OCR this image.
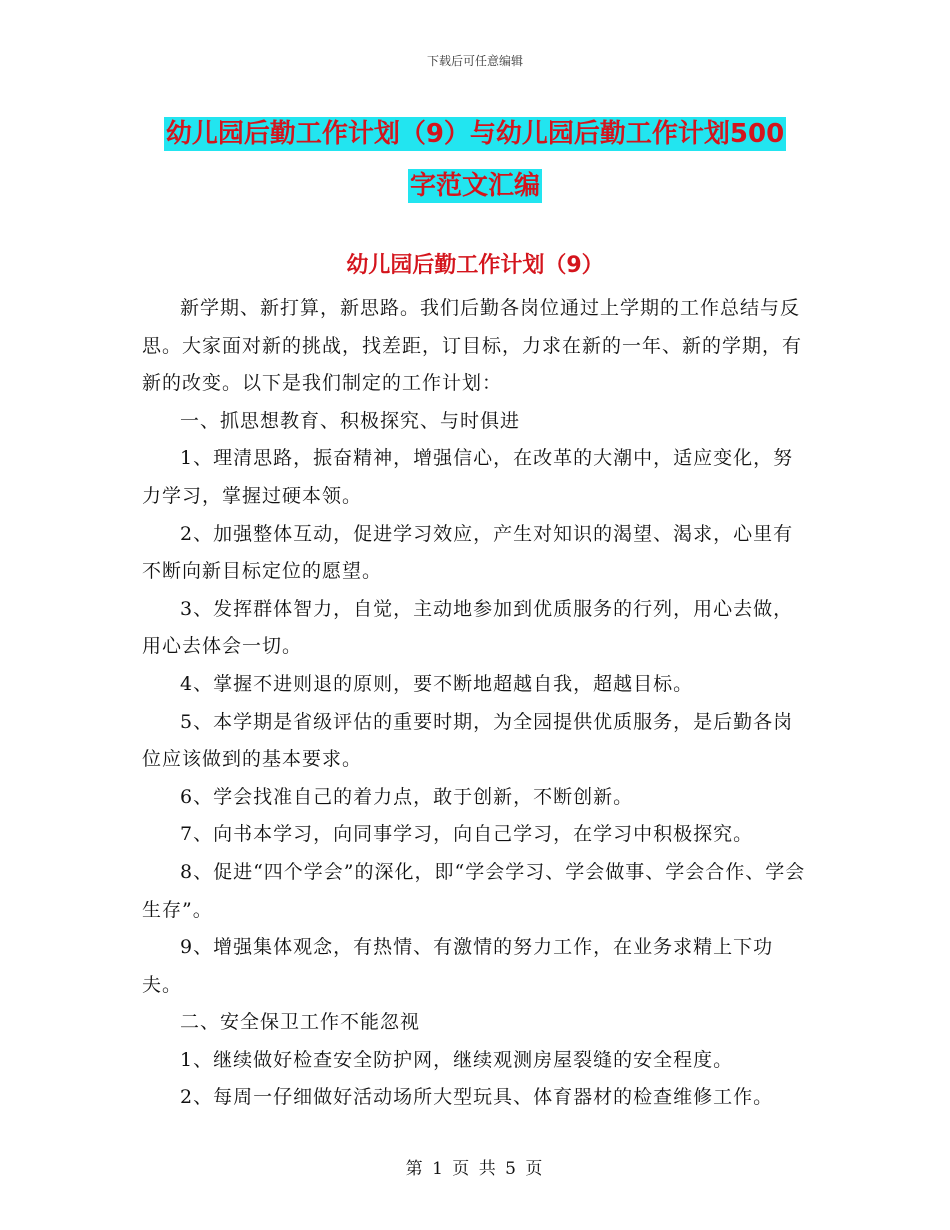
下载后可任意编辑
幼儿园后勤工作计划（9）与幼儿园后勤工作计划500
字范文汇编
幼儿园后勤工作计划（9）

新学期、新打算，新思路。我们后勤各岗位通过上学期的工作总结与反思。大家面对新的挑战，找差距，订目标，力求在新的一年、新的学期，有新的改变。以下是我们制定的工作计划：

一、抓思想教育、积极探究、与时俱进

1、理清思路，振奋精神，增强信心，在改革的大潮中，适应变化，努力学习，掌握过硬本领。

2、加强整体互动，促进学习效应，产生对知识的渴望、渴求，心里有不断向新目标定位的愿望。

3、发挥群体智力，自觉，主动地参加到优质服务的行列，用心去做，用心去体会一切。

4、掌握不进则退的原则，要不断地超越自我，超越目标。

5、本学期是省级评估的重要时期，为全园提供优质服务，是后勤各岗位应该做到的基本要求。

6、学会找准自己的着力点，敢于创新，不断创新。

7、向书本学习，向同事学习，向自己学习，在学习中积极探究。

8、促进“四个学会”的深化，即“学会学习、学会做事、学会合作、学会生存”。

9、增强集体观念，有热情、有激情的努力工作，在业务求精上下功夫。

二、安全保卫工作不能忽视

1、继续做好检查安全防护网，继续观测房屋裂缝的安全程度。

2、每周一仔细做好活动场所大型玩具、体育器材的检查维修工作。

第 1 页 共 5 页
